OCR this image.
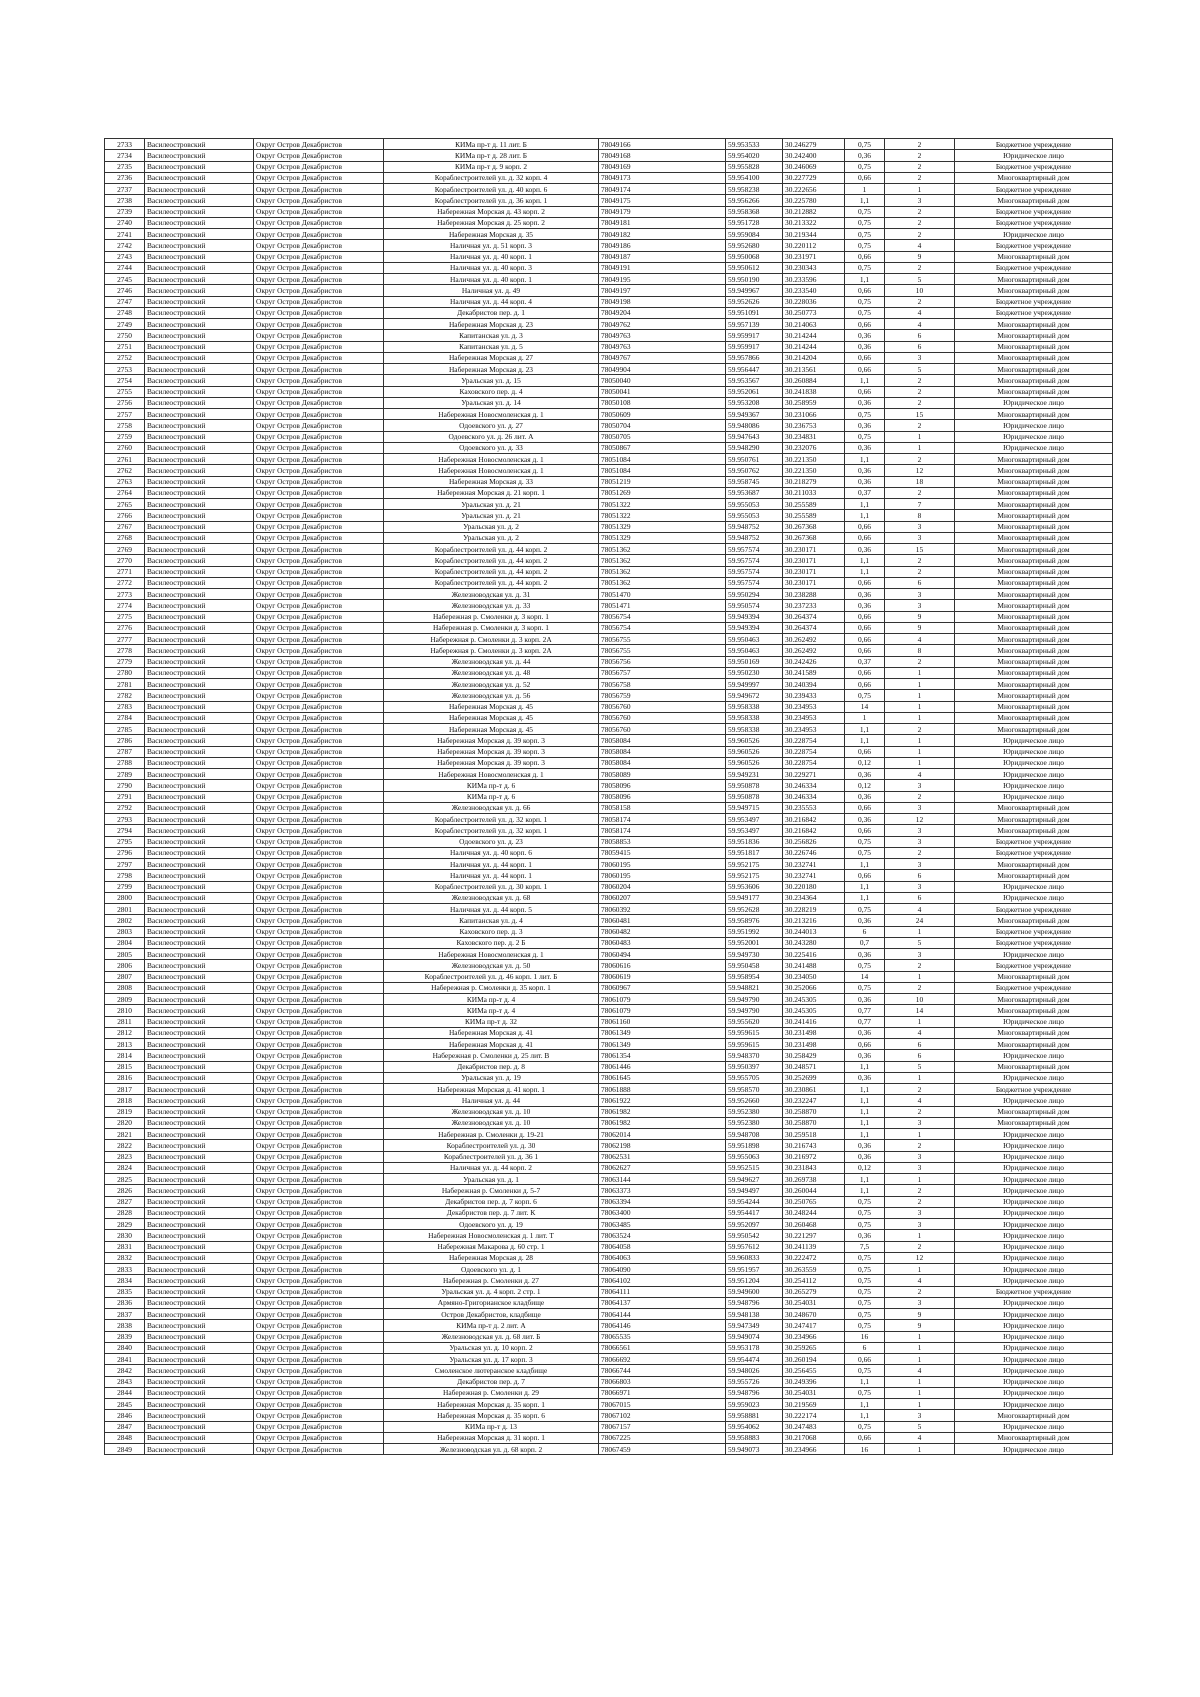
2733	Василеостровский	Округ Остров Декабристов	КИМа пр-т д. 11 лит. Б	78049166	59.953533	30.246279	0,75	2	Бюджетное учреждение
2734	Василеостровский	Округ Остров Декабристов	КИМа пр-т д. 28 лит. Б	78049168	59.954020	30.242400	0,36	2	Юридическое лицо
2735	Василеостровский	Округ Остров Декабристов	КИМа пр-т д. 9 корп. 2	78049169	59.955828	30.246069	0,75	2	Бюджетное учреждение
2736	Василеостровский	Округ Остров Декабристов	Кораблестроителей ул. д. 32 корп. 4	78049173	59.954100	30.227729	0,66	2	Многоквартирный дом
2737	Василеостровский	Округ Остров Декабристов	Кораблестроителей ул. д. 40 корп. 6	78049174	59.958238	30.222656	1	1	Бюджетное учреждение
2738	Василеостровский	Округ Остров Декабристов	Кораблестроителей ул. д. 36 корп. 1	78049175	59.956266	30.225780	1,1	3	Многоквартирный дом
2739	Василеостровский	Округ Остров Декабристов	Набережная Морская д. 43 корп. 2	78049179	59.958368	30.212882	0,75	2	Бюджетное учреждение
2740	Василеостровский	Округ Остров Декабристов	Набережная Морская д. 25 корп. 2	78049181	59.951728	30.213322	0,75	2	Бюджетное учреждение
2741	Василеостровский	Округ Остров Декабристов	Набережная Морская д. 35	78049182	59.959084	30.219344	0,75	2	Юридическое лицо
2742	Василеостровский	Округ Остров Декабристов	Наличная ул. д. 51 корп. 3	78049186	59.952680	30.220112	0,75	4	Бюджетное учреждение
2743	Василеостровский	Округ Остров Декабристов	Наличная ул. д. 40 корп. 1	78049187	59.950068	30.231971	0,66	9	Многоквартирный дом
2744	Василеостровский	Округ Остров Декабристов	Наличная ул. д. 40 корп. 3	78049191	59.950612	30.230343	0,75	2	Бюджетное учреждение
2745	Василеостровский	Округ Остров Декабристов	Наличная ул. д. 40 корп. 1	78049195	59.950190	30.233596	1,1	5	Многоквартирный дом
2746	Василеостровский	Округ Остров Декабристов	Наличная ул. д. 49	78049197	59.949967	30.233540	0,66	10	Многоквартирный дом
2747	Василеостровский	Округ Остров Декабристов	Наличная ул. д. 44 корп. 4	78049198	59.952626	30.228036	0,75	2	Бюджетное учреждение
2748	Василеостровский	Округ Остров Декабристов	Декабристов пер. д. 1	78049204	59.951091	30.250773	0,75	4	Бюджетное учреждение
2749	Василеостровский	Округ Остров Декабристов	Набережная Морская д. 23	78049762	59.957139	30.214063	0,66	4	Многоквартирный дом
2750	Василеостровский	Округ Остров Декабристов	Капитанская ул. д. 3	78049763	59.959917	30.214244	0,36	6	Многоквартирный дом
2751	Василеостровский	Округ Остров Декабристов	Капитанская ул. д. 5	78049763	59.959917	30.214244	0,36	6	Многоквартирный дом
2752	Василеостровский	Округ Остров Декабристов	Набережная Морская д. 27	78049767	59.957866	30.214204	0,66	3	Многоквартирный дом
2753	Василеостровский	Округ Остров Декабристов	Набережная Морская д. 23	78049904	59.956447	30.213561	0,66	5	Многоквартирный дом
2754	Василеостровский	Округ Остров Декабристов	Уральская ул. д. 15	78050040	59.953567	30.260884	1,1	2	Многоквартирный дом
2755	Василеостровский	Округ Остров Декабристов	Каховского пер. д. 4	78050041	59.952061	30.241838	0,66	2	Многоквартирный дом
2756	Василеостровский	Округ Остров Декабристов	Уральская ул. д. 14	78050108	59.953208	30.258959	0,36	2	Юридическое лицо
2757	Василеостровский	Округ Остров Декабристов	Набережная Новосмоленская д. 1	78050609	59.949367	30.231066	0,75	15	Многоквартирный дом
2758	Василеостровский	Округ Остров Декабристов	Одоевского ул. д. 27	78050704	59.948086	30.236753	0,36	2	Юридическое лицо
2759	Василеостровский	Округ Остров Декабристов	Одоевского ул. д. 26 лит. А	78050705	59.947643	30.234831	0,75	1	Юридическое лицо
2760	Василеостровский	Округ Остров Декабристов	Одоевского ул. д. 33	78050867	59.948290	30.232076	0,36	1	Юридическое лицо
2761	Василеостровский	Округ Остров Декабристов	Набережная Новосмоленская д. 1	78051084	59.950761	30.221350	1,1	2	Многоквартирный дом
2762	Василеостровский	Округ Остров Декабристов	Набережная Новосмоленская д. 1	78051084	59.950762	30.221350	0,36	12	Многоквартирный дом
2763	Василеостровский	Округ Остров Декабристов	Набережная Морская д. 33	78051219	59.958745	30.218279	0,36	18	Многоквартирный дом
2764	Василеостровский	Округ Остров Декабристов	Набережная Морская д. 21 корп. 1	78051269	59.953687	30.211033	0,37	2	Многоквартирный дом
2765	Василеостровский	Округ Остров Декабристов	Уральская ул. д. 21	78051322	59.955053	30.255589	1,1	7	Многоквартирный дом
2766	Василеостровский	Округ Остров Декабристов	Уральская ул. д. 21	78051322	59.955053	30.255589	1,1	8	Многоквартирный дом
2767	Василеостровский	Округ Остров Декабристов	Уральская ул. д. 2	78051329	59.948752	30.267368	0,66	3	Многоквартирный дом
2768	Василеостровский	Округ Остров Декабристов	Уральская ул. д. 2	78051329	59.948752	30.267368	0,66	3	Многоквартирный дом
2769	Василеостровский	Округ Остров Декабристов	Кораблестроителей ул. д. 44 корп. 2	78051362	59.957574	30.230171	0,36	15	Многоквартирный дом
2770	Василеостровский	Округ Остров Декабристов	Кораблестроителей ул. д. 44 корп. 2	78051362	59.957574	30.230171	1,1	2	Многоквартирный дом
2771	Василеостровский	Округ Остров Декабристов	Кораблестроителей ул. д. 44 корп. 2	78051362	59.957574	30.230171	1,1	2	Многоквартирный дом
2772	Василеостровский	Округ Остров Декабристов	Кораблестроителей ул. д. 44 корп. 2	78051362	59.957574	30.230171	0,66	6	Многоквартирный дом
2773	Василеостровский	Округ Остров Декабристов	Железноводская ул. д. 31	78051470	59.950294	30.238288	0,36	3	Многоквартирный дом
2774	Василеостровский	Округ Остров Декабристов	Железноводская ул. д. 33	78051471	59.950574	30.237233	0,36	3	Многоквартирный дом
2775	Василеостровский	Округ Остров Декабристов	Набережная р. Смоленки д. 3 корп. 1	78056754	59.949394	30.264374	0,66	9	Многоквартирный дом
2776	Василеостровский	Округ Остров Декабристов	Набережная р. Смоленки д. 3 корп. 1	78056754	59.949394	30.264374	0,66	9	Многоквартирный дом
2777	Василеостровский	Округ Остров Декабристов	Набережная р. Смоленки д. 3 корп. 2А	78056755	59.950463	30.262492	0,66	4	Многоквартирный дом
2778	Василеостровский	Округ Остров Декабристов	Набережная р. Смоленки д. 3 корп. 2А	78056755	59.950463	30.262492	0,66	8	Многоквартирный дом
2779	Василеостровский	Округ Остров Декабристов	Железноводская ул. д. 44	78056756	59.950169	30.242426	0,37	2	Многоквартирный дом
2780	Василеостровский	Округ Остров Декабристов	Железноводская ул. д. 48	78056757	59.950230	30.241589	0,66	1	Многоквартирный дом
2781	Василеостровский	Округ Остров Декабристов	Железноводская ул. д. 52	78056758	59.949997	30.240394	0,66	1	Многоквартирный дом
2782	Василеостровский	Округ Остров Декабристов	Железноводская ул. д. 56	78056759	59.949672	30.239433	0,75	1	Многоквартирный дом
2783	Василеостровский	Округ Остров Декабристов	Набережная Морская д. 45	78056760	59.958338	30.234953	14	1	Многоквартирный дом
2784	Василеостровский	Округ Остров Декабристов	Набережная Морская д. 45	78056760	59.958338	30.234953	1	1	Многоквартирный дом
2785	Василеостровский	Округ Остров Декабристов	Набережная Морская д. 45	78056760	59.958338	30.234953	1,1	2	Многоквартирный дом
2786	Василеостровский	Округ Остров Декабристов	Набережная Морская д. 39 корп. 3	78058084	59.960526	30.228754	1,1	1	Юридическое лицо
2787	Василеостровский	Округ Остров Декабристов	Набережная Морская д. 39 корп. 3	78058084	59.960526	30.228754	0,66	1	Юридическое лицо
2788	Василеостровский	Округ Остров Декабристов	Набережная Морская д. 39 корп. 3	78058084	59.960526	30.228754	0,12	1	Юридическое лицо
2789	Василеостровский	Округ Остров Декабристов	Набережная Новосмоленская д. 1	78058089	59.949231	30.229271	0,36	4	Юридическое лицо
2790	Василеостровский	Округ Остров Декабристов	КИМа пр-т д. 6	78058096	59.950878	30.246334	0,12	3	Юридическое лицо
2791	Василеостровский	Округ Остров Декабристов	КИМа пр-т д. 6	78058096	59.950878	30.246334	0,36	2	Юридическое лицо
2792	Василеостровский	Округ Остров Декабристов	Железноводская ул. д. 66	78058158	59.949715	30.235553	0,66	3	Многоквартирный дом
2793	Василеостровский	Округ Остров Декабристов	Кораблестроителей ул. д. 32 корп. 1	78058174	59.953497	30.216842	0,36	12	Многоквартирный дом
2794	Василеостровский	Округ Остров Декабристов	Кораблестроителей ул. д. 32 корп. 1	78058174	59.953497	30.216842	0,66	3	Многоквартирный дом
2795	Василеостровский	Округ Остров Декабристов	Одоевского ул. д. 23	78058853	59.951836	30.256826	0,75	3	Бюджетное учреждение
2796	Василеостровский	Округ Остров Декабристов	Наличная ул. д. 40 корп. 6	78059415	59.951817	30.226746	0,75	2	Бюджетное учреждение
2797	Василеостровский	Округ Остров Декабристов	Наличная ул. д. 44 корп. 1	78060195	59.952175	30.232741	1,1	3	Многоквартирный дом
2798	Василеостровский	Округ Остров Декабристов	Наличная ул. д. 44 корп. 1	78060195	59.952175	30.232741	0,66	6	Многоквартирный дом
2799	Василеостровский	Округ Остров Декабристов	Кораблестроителей ул. д. 30 корп. 1	78060204	59.953606	30.220180	1,1	3	Юридическое лицо
2800	Василеостровский	Округ Остров Декабристов	Железноводская ул. д. 68	78060207	59.949177	30.234364	1,1	6	Юридическое лицо
2801	Василеостровский	Округ Остров Декабристов	Наличная ул. д. 44 корп. 5	78060392	59.952628	30.228219	0,75	4	Бюджетное учреждение
2802	Василеостровский	Округ Остров Декабристов	Капитанская ул. д. 4	78060481	59.958976	30.213216	0,36	24	Многоквартирный дом
2803	Василеостровский	Округ Остров Декабристов	Каховского пер. д. 3	78060482	59.951992	30.244013	6	1	Бюджетное учреждение
2804	Василеостровский	Округ Остров Декабристов	Каховского пер. д. 2 Б	78060483	59.952001	30.243280	0,7	5	Бюджетное учреждение
2805	Василеостровский	Округ Остров Декабристов	Набережная Новосмоленская д. 1	78060494	59.949730	30.225416	0,36	3	Юридическое лицо
2806	Василеостровский	Округ Остров Декабристов	Железноводская ул. д. 50	78060616	59.950458	30.241488	0,75	2	Бюджетное учреждение
2807	Василеостровский	Округ Остров Декабристов	Кораблестроителей ул. д. 46 корп. 1 лит. Б	78060619	59.958954	30.234050	14	1	Многоквартирный дом
2808	Василеостровский	Округ Остров Декабристов	Набережная р. Смоленки д. 35 корп. 1	78060967	59.948821	30.252066	0,75	2	Бюджетное учреждение
2809	Василеостровский	Округ Остров Декабристов	КИМа пр-т д. 4	78061079	59.949790	30.245305	0,36	10	Многоквартирный дом
2810	Василеостровский	Округ Остров Декабристов	КИМа пр-т д. 4	78061079	59.949790	30.245305	0,77	14	Многоквартирный дом
2811	Василеостровский	Округ Остров Декабристов	КИМа пр-т д. 32	78061160	59.955620	30.241416	0,77	1	Юридическое лицо
2812	Василеостровский	Округ Остров Декабристов	Набережная Морская д. 41	78061349	59.959615	30.231498	0,36	4	Многоквартирный дом
2813	Василеостровский	Округ Остров Декабристов	Набережная Морская д. 41	78061349	59.959615	30.231498	0,66	6	Многоквартирный дом
2814	Василеостровский	Округ Остров Декабристов	Набережная р. Смоленки д. 25 лит. В	78061354	59.948370	30.258429	0,36	6	Юридическое лицо
2815	Василеостровский	Округ Остров Декабристов	Декабристов пер. д. 8	78061446	59.950397	30.248571	1,1	5	Многоквартирный дом
2816	Василеостровский	Округ Остров Декабристов	Уральская ул. д. 19	78061645	59.955705	30.252699	0,36	1	Юридическое лицо
2817	Василеостровский	Округ Остров Декабристов	Набережная Морская д. 41 корп. 1	78061888	59.958570	30.230861	1,1	2	Бюджетное учреждение
2818	Василеостровский	Округ Остров Декабристов	Наличная ул. д. 44	78061922	59.952660	30.232247	1,1	4	Юридическое лицо
2819	Василеостровский	Округ Остров Декабристов	Железноводская ул. д. 10	78061982	59.952380	30.258870	1,1	2	Многоквартирный дом
2820	Василеостровский	Округ Остров Декабристов	Железноводская ул. д. 10	78061982	59.952380	30.258870	1,1	3	Многоквартирный дом
2821	Василеостровский	Округ Остров Декабристов	Набережная р. Смоленки д. 19-21	78062014	59.948708	30.259518	1,1	1	Юридическое лицо
2822	Василеостровский	Округ Остров Декабристов	Кораблестроителей ул. д. 30	78062198	59.951898	30.216743	0,36	2	Юридическое лицо
2823	Василеостровский	Округ Остров Декабристов	Кораблестроителей ул. д. 36 1	78062531	59.955063	30.216972	0,36	3	Юридическое лицо
2824	Василеостровский	Округ Остров Декабристов	Наличная ул. д. 44 корп. 2	78062627	59.952515	30.231843	0,12	3	Юридическое лицо
2825	Василеостровский	Округ Остров Декабристов	Уральская ул. д. 1	78063144	59.949627	30.269738	1,1	1	Юридическое лицо
2826	Василеостровский	Округ Остров Декабристов	Набережная р. Смоленки д. 5-7	78063373	59.949497	30.260044	1,1	2	Юридическое лицо
2827	Василеостровский	Округ Остров Декабристов	Декабристов пер. д. 7 корп. 6	78063394	59.954244	30.250765	0,75	2	Юридическое лицо
2828	Василеостровский	Округ Остров Декабристов	Декабристов пер. д. 7 лит. К	78063400	59.954417	30.248244	0,75	3	Юридическое лицо
2829	Василеостровский	Округ Остров Декабристов	Одоевского ул. д. 19	78063485	59.952097	30.260468	0,75	3	Юридическое лицо
2830	Василеостровский	Округ Остров Декабристов	Набережная Новосмоленская д. 1 лит. Т	78063524	59.950542	30.221297	0,36	1	Юридическое лицо
2831	Василеостровский	Округ Остров Декабристов	Набережная Макарова д. 60 стр. 1	78064058	59.957612	30.241139	7,5	2	Юридическое лицо
2832	Василеостровский	Округ Остров Декабристов	Набережная Морская д. 28	78064063	59.960833	30.222472	0,75	12	Юридическое лицо
2833	Василеостровский	Округ Остров Декабристов	Одоевского ул. д. 1	78064090	59.951957	30.263559	0,75	1	Юридическое лицо
2834	Василеостровский	Округ Остров Декабристов	Набережная р. Смоленки д. 27	78064102	59.951204	30.254112	0,75	4	Юридическое лицо
2835	Василеостровский	Округ Остров Декабристов	Уральская ул. д. 4 корп. 2 стр. 1	78064111	59.949600	30.265279	0,75	2	Бюджетное учреждение
2836	Василеостровский	Округ Остров Декабристов	Армяно-Григорианское кладбище	78064137	59.948796	30.254031	0,75	3	Юридическое лицо
2837	Василеостровский	Округ Остров Декабристов	Остров Декабристов, кладбище	78064144	59.948138	30.248670	0,75	9	Юридическое лицо
2838	Василеостровский	Округ Остров Декабристов	КИМа пр-т д. 2 лит. А	78064146	59.947349	30.247417	0,75	9	Юридическое лицо
2839	Василеостровский	Округ Остров Декабристов	Железноводская ул. д. 68 лит. Б	78065535	59.949074	30.234966	16	1	Юридическое лицо
2840	Василеостровский	Округ Остров Декабристов	Уральская ул. д. 10 корп. 2	78066561	59.953178	30.259265	6	1	Юридическое лицо
2841	Василеостровский	Округ Остров Декабристов	Уральская ул. д. 17 корп. 3	78066692	59.954474	30.260194	0,66	1	Юридическое лицо
2842	Василеостровский	Округ Остров Декабристов	Смоленское лютеранское кладбище	78066744	59.948026	30.256455	0,75	4	Юридическое лицо
2843	Василеостровский	Округ Остров Декабристов	Декабристов пер. д. 7	78066803	59.955726	30.249396	1,1	1	Юридическое лицо
2844	Василеостровский	Округ Остров Декабристов	Набережная р. Смоленки д. 29	78066971	59.948796	30.254031	0,75	1	Юридическое лицо
2845	Василеостровский	Округ Остров Декабристов	Набережная Морская д. 35 корп. 1	78067015	59.959023	30.219569	1,1	1	Юридическое лицо
2846	Василеостровский	Округ Остров Декабристов	Набережная Морская д. 35 корп. 6	78067102	59.958881	30.222174	1,1	3	Многоквартирный дом
2847	Василеостровский	Округ Остров Декабристов	КИМа пр-т д. 13	78067157	59.954062	30.247483	0,75	5	Юридическое лицо
2848	Василеостровский	Округ Остров Декабристов	Набережная Морская д. 31 корп. 1	78067225	59.958883	30.217068	0,66	4	Многоквартирный дом
2849	Василеостровский	Округ Остров Декабристов	Железноводская ул. д. 68 корп. 2	78067459	59.949073	30.234966	16	1	Юридическое лицо
